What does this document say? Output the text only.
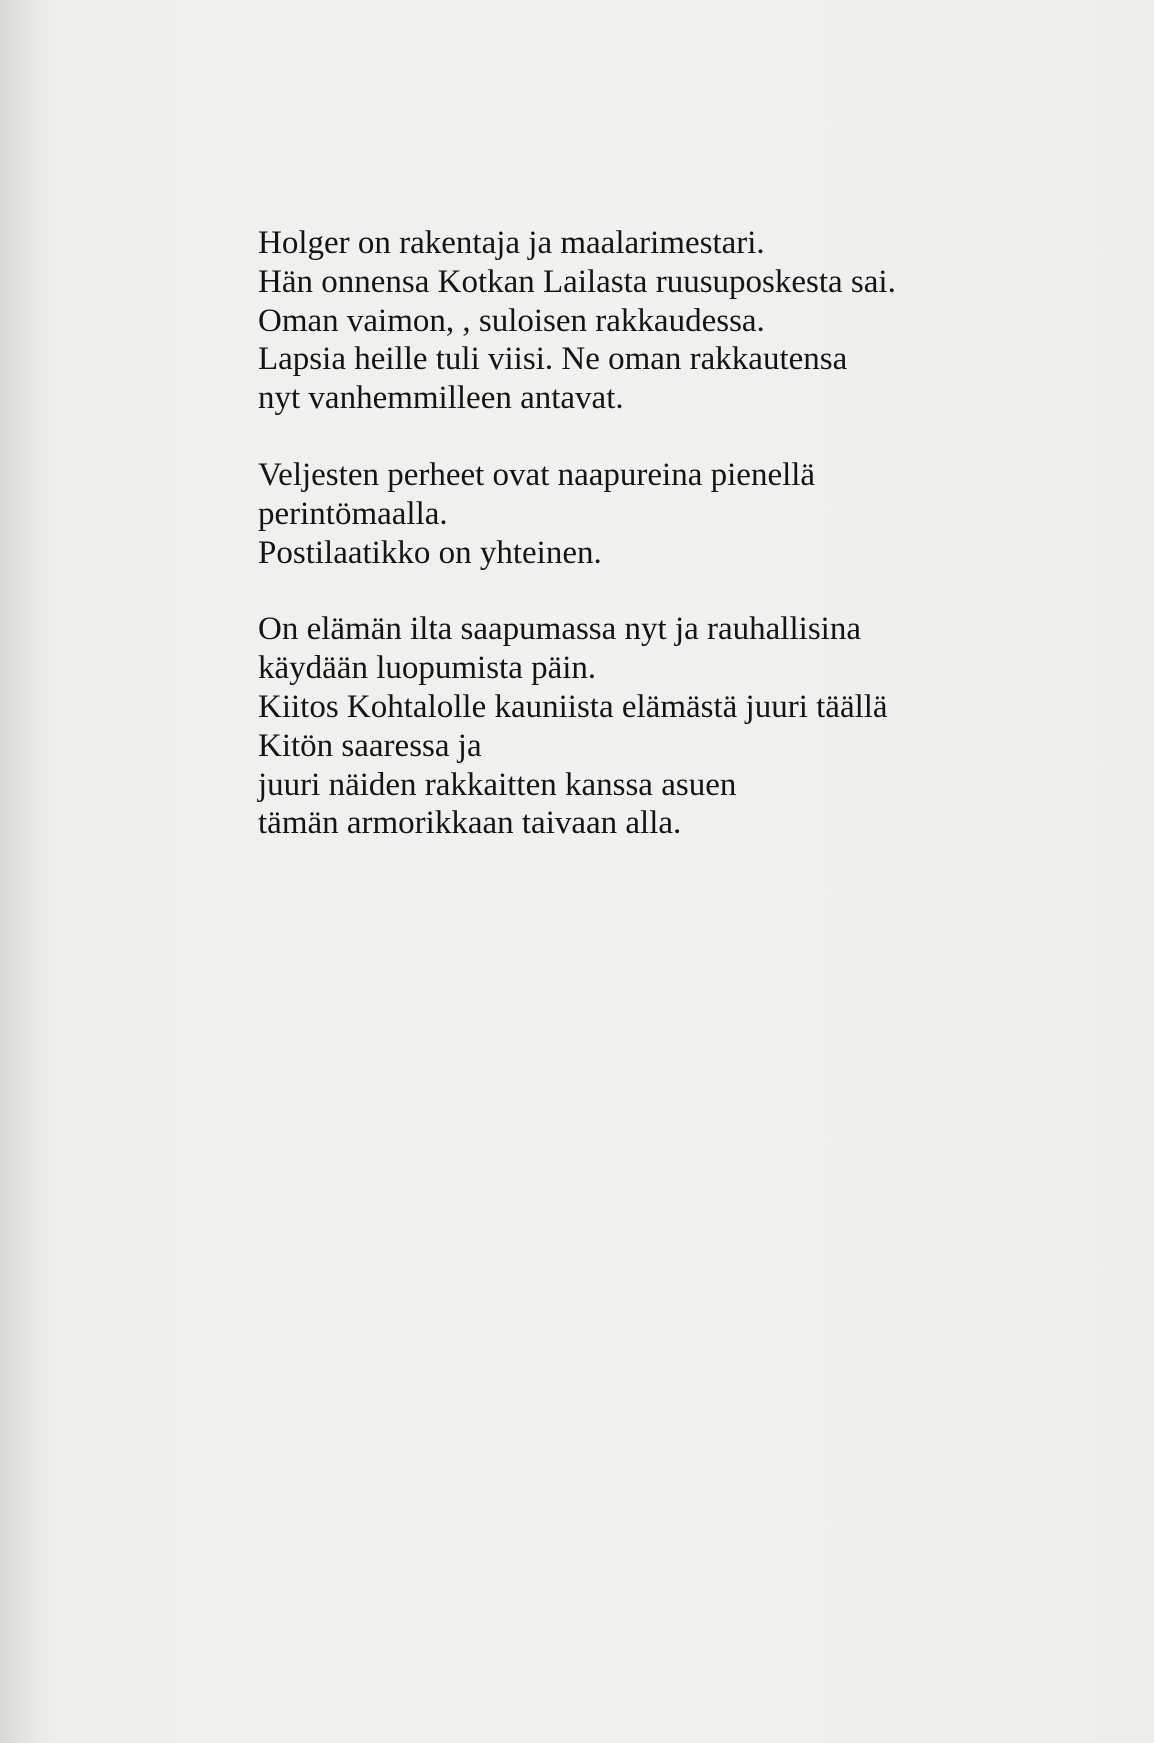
Holger on rakentaja ja maalarimestari.
Hän onnensa Kotkan Lailasta ruusuposkesta sai.
Oman vaimon, , suloisen rakkaudessa.
Lapsia heille tuli viisi. Ne oman rakkautensa
nyt vanhemmilleen antavat.
Veljesten perheet ovat naapureina pienellä
perintömaalla.
Postilaatikko on yhteinen.
On elämän ilta saapumassa nyt ja rauhallisina
käydään luopumista päin.
Kiitos Kohtalolle kauniista elämästä juuri täällä
Kitön saaressa ja
juuri näiden rakkaitten kanssa asuen
tämän armorikkaan taivaan alla.
